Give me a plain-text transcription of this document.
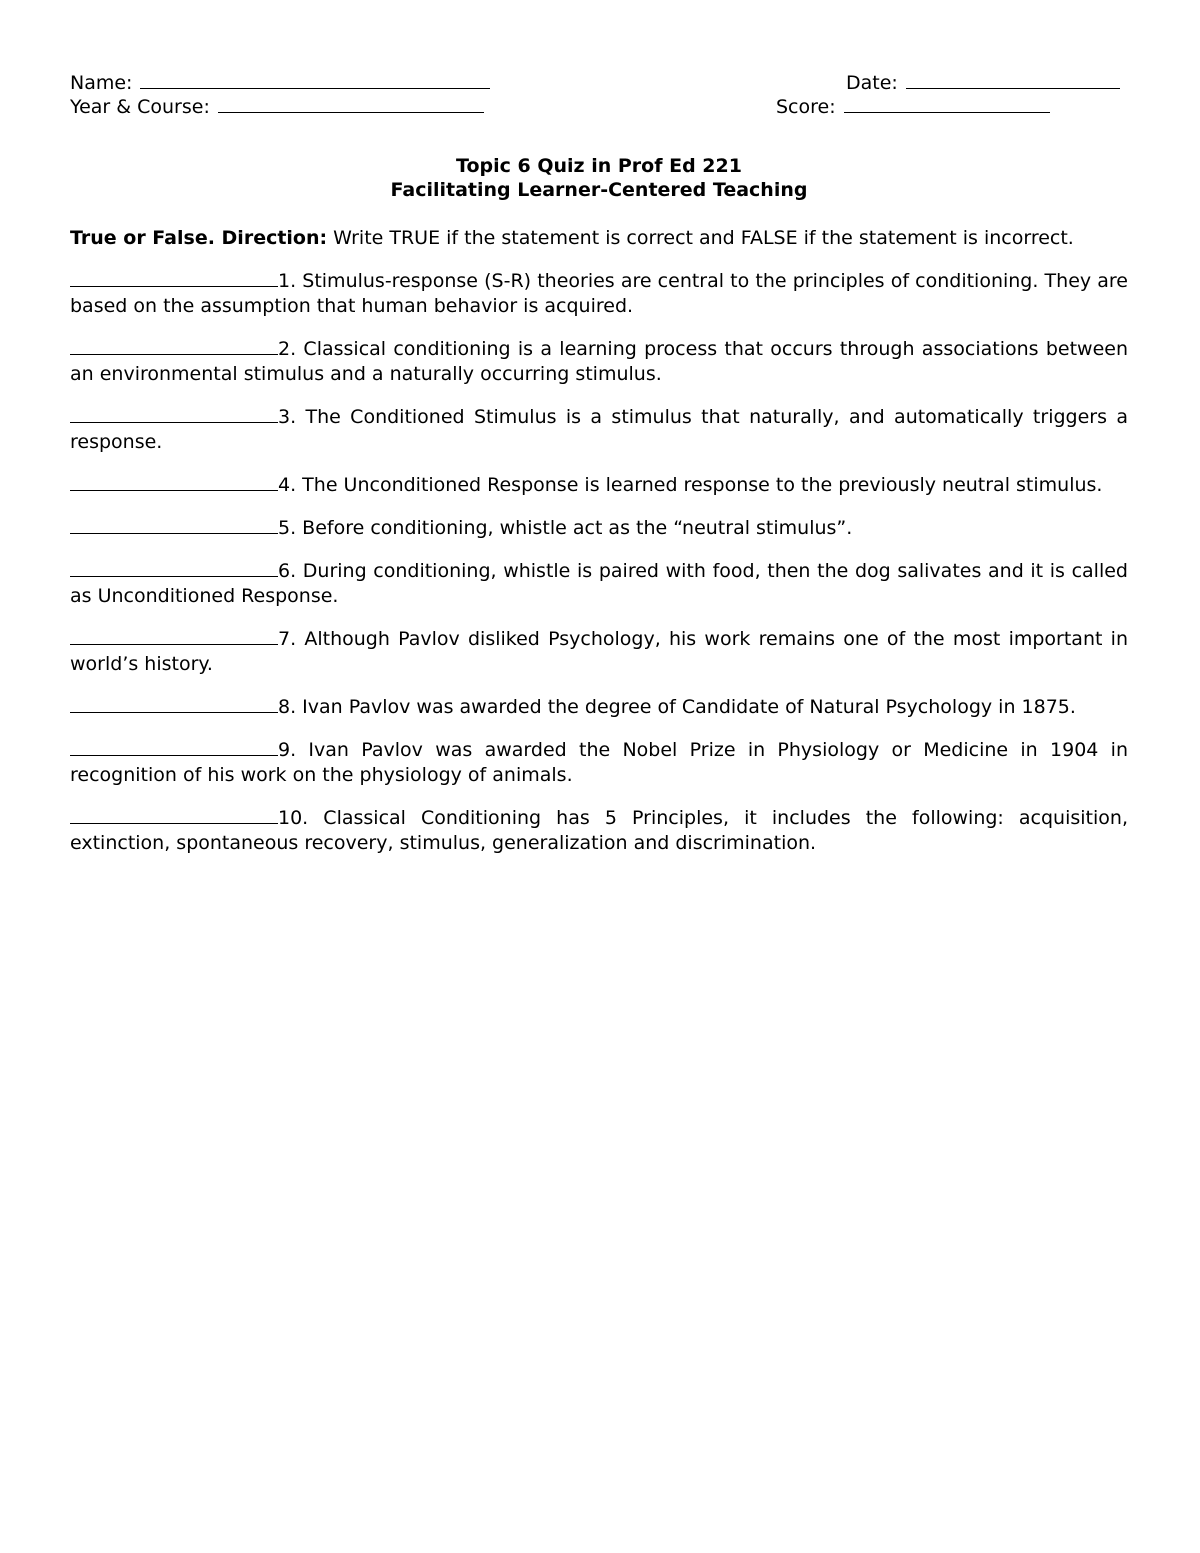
Name:	Date:
Year & Course:	Score:
Topic 6 Quiz in Prof Ed 221
Facilitating Learner-Centered Teaching
True or False. Direction: Write TRUE if the statement is correct and FALSE if the statement is incorrect.
1. Stimulus-response (S-R) theories are central to the principles of conditioning. They are based on the assumption that human behavior is acquired.
2. Classical conditioning is a learning process that occurs through associations between an environmental stimulus and a naturally occurring stimulus.
3. The Conditioned Stimulus is a stimulus that naturally, and automatically triggers a response.
4. The Unconditioned Response is learned response to the previously neutral stimulus.
5. Before conditioning, whistle act as the “neutral stimulus”.
6. During conditioning, whistle is paired with food, then the dog salivates and it is called as Unconditioned Response.
7. Although Pavlov disliked Psychology, his work remains one of the most important in world’s history.
8. Ivan Pavlov was awarded the degree of Candidate of Natural Psychology in 1875.
9. Ivan Pavlov was awarded the Nobel Prize in Physiology or Medicine in 1904 in recognition of his work on the physiology of animals.
10. Classical Conditioning has 5 Principles, it includes the following: acquisition, extinction, spontaneous recovery, stimulus, generalization and discrimination.
